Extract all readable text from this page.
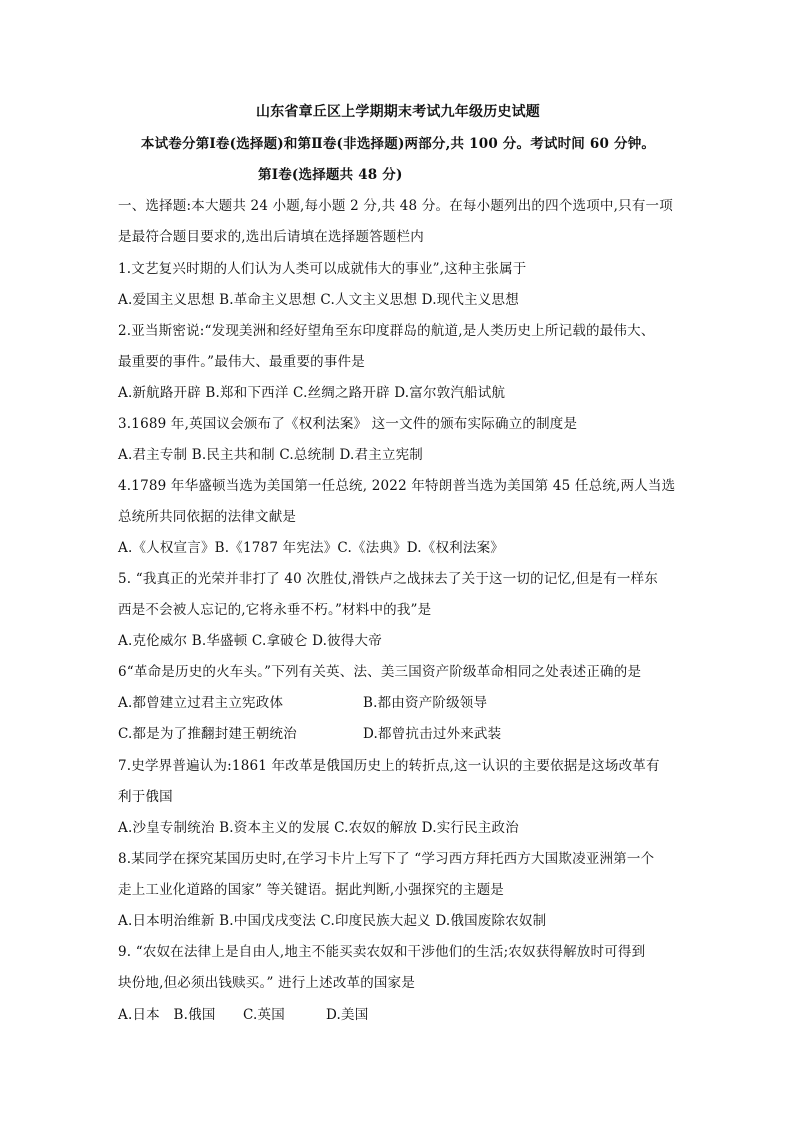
山东省章丘区上学期期末考试九年级历史试题
本试卷分第Ⅰ卷(选择题)和第Ⅱ卷(非选择题)两部分,共 100 分。考试时间 60 分钟。
第Ⅰ卷(选择题共 48 分)
一、选择题:本大题共 24 小题,每小题 2 分,共 48 分。在每小题列出的四个选项中,只有一项
是最符合题目要求的,选出后请填在选择题答题栏内
1.文艺复兴时期的人们认为人类可以成就伟大的事业”,这种主张属于
A.爱国主义思想 B.革命主义思想 C.人文主义思想 D.现代主义思想
2.亚当斯密说:“发现美洲和经好望角至东印度群岛的航道,是人类历史上所记载的最伟大、
最重要的事件。”最伟大、最重要的事件是
A.新航路开辟 B.郑和下西洋 C.丝绸之路开辟 D.富尔敦汽船试航
3.1689 年,英国议会颁布了《权利法案》 这一文件的颁布实际确立的制度是
A.君主专制 B.民主共和制 C.总统制 D.君主立宪制
4.1789 年华盛顿当选为美国第一任总统, 2022 年特朗普当选为美国第 45 任总统,两人当选
总统所共同依据的法律文献是
A.《人权宣言》B.《1787 年宪法》C.《法典》D.《权利法案》
5. “我真正的光荣并非打了 40 次胜仗,滑铁卢之战抹去了关于这一切的记忆,但是有一样东
西是不会被人忘记的,它将永垂不朽。”材料中的我”是
A.克伦威尔 B.华盛顿 C.拿破仑 D.彼得大帝
6“革命是历史的火车头。”下列有关英、法、美三国资产阶级革命相同之处表述正确的是
A.都曾建立过君主立宪政体	B.都由资产阶级领导
C.都是为了推翻封建王朝统治	D.都曾抗击过外来武装
7.史学界普遍认为:1861 年改革是俄国历史上的转折点,这一认识的主要依据是这场改革有
利于俄国
A.沙皇专制统治 B.资本主义的发展 C.农奴的解放 D.实行民主政治
8.某同学在探究某国历史时,在学习卡片上写下了 “学习西方拜托西方大国欺凌亚洲第一个
走上工业化道路的国家” 等关键语。据此判断,小强探究的主题是
A.日本明治维新 B.中国戊戌变法 C.印度民族大起义 D.俄国废除农奴制
9. “农奴在法律上是自由人,地主不能买卖农奴和干涉他们的生活;农奴获得解放时可得到
块份地,但必须出钱赎买。” 进行上述改革的国家是
A.日本　B.俄国　　C.英国　　　D.美国
